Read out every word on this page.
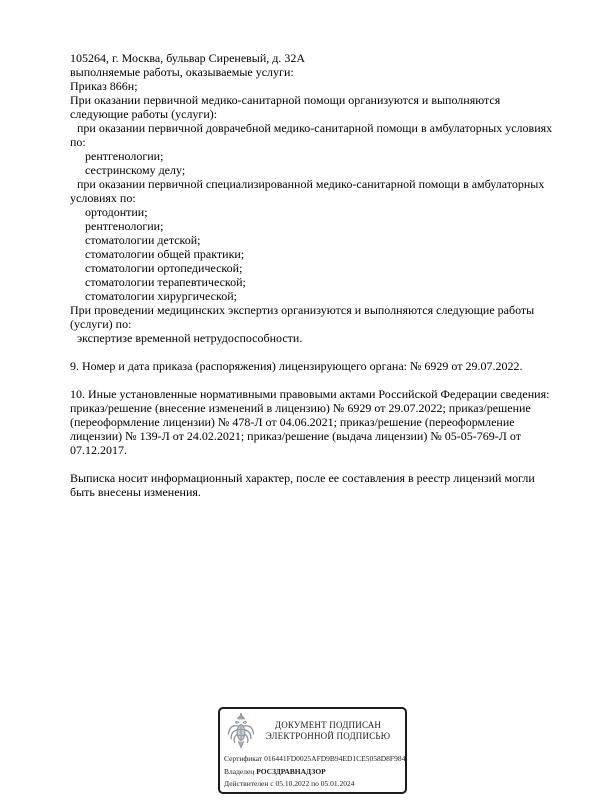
105264, г. Москва, бульвар Сиреневый, д. 32А

выполняемые работы, оказываемые услуги:

Приказ 866н;

При оказании первичной медико-санитарной помощи организуются и выполняются следующие работы (услуги):

при оказании первичной доврачебной медико-санитарной помощи в амбулаторных условиях по:

рентгенологии;

сестринскому делу;

при оказании первичной специализированной медико-санитарной помощи в амбулаторных условиях по:

ортодонтии;

рентгенологии;

стоматологии детской;

стоматологии общей практики;

стоматологии ортопедической;

стоматологии терапевтической;

стоматологии хирургической;

При проведении медицинских экспертиз организуются и выполняются следующие работы (услуги) по:

экспертизе временной нетрудоспособности.

9. Номер и дата приказа (распоряжения) лицензирующего органа: № 6929 от 29.07.2022.

10. Иные установленные нормативными правовыми актами Российской Федерации сведения: приказ/решение (внесение изменений в лицензию) № 6929 от 29.07.2022; приказ/решение (переоформление лицензии) № 478-Л от 04.06.2021; приказ/решение (переоформление лицензии) № 139-Л от 24.02.2021; приказ/решение (выдача лицензии) № 05-05-769-Л от 07.12.2017.

Выписка носит информационный характер, после ее составления в реестр лицензий могли быть внесены изменения.

ДОКУМЕНТ ПОДПИСАН
ЭЛЕКТРОННОЙ ПОДПИСЬЮ
Сертификат 016441FD0025AFD9B94ED1CE5058D8F984
Владелец РОСЗДРАВНАДЗОР
Действителен с 05.10.2022 по 05.01.2024
